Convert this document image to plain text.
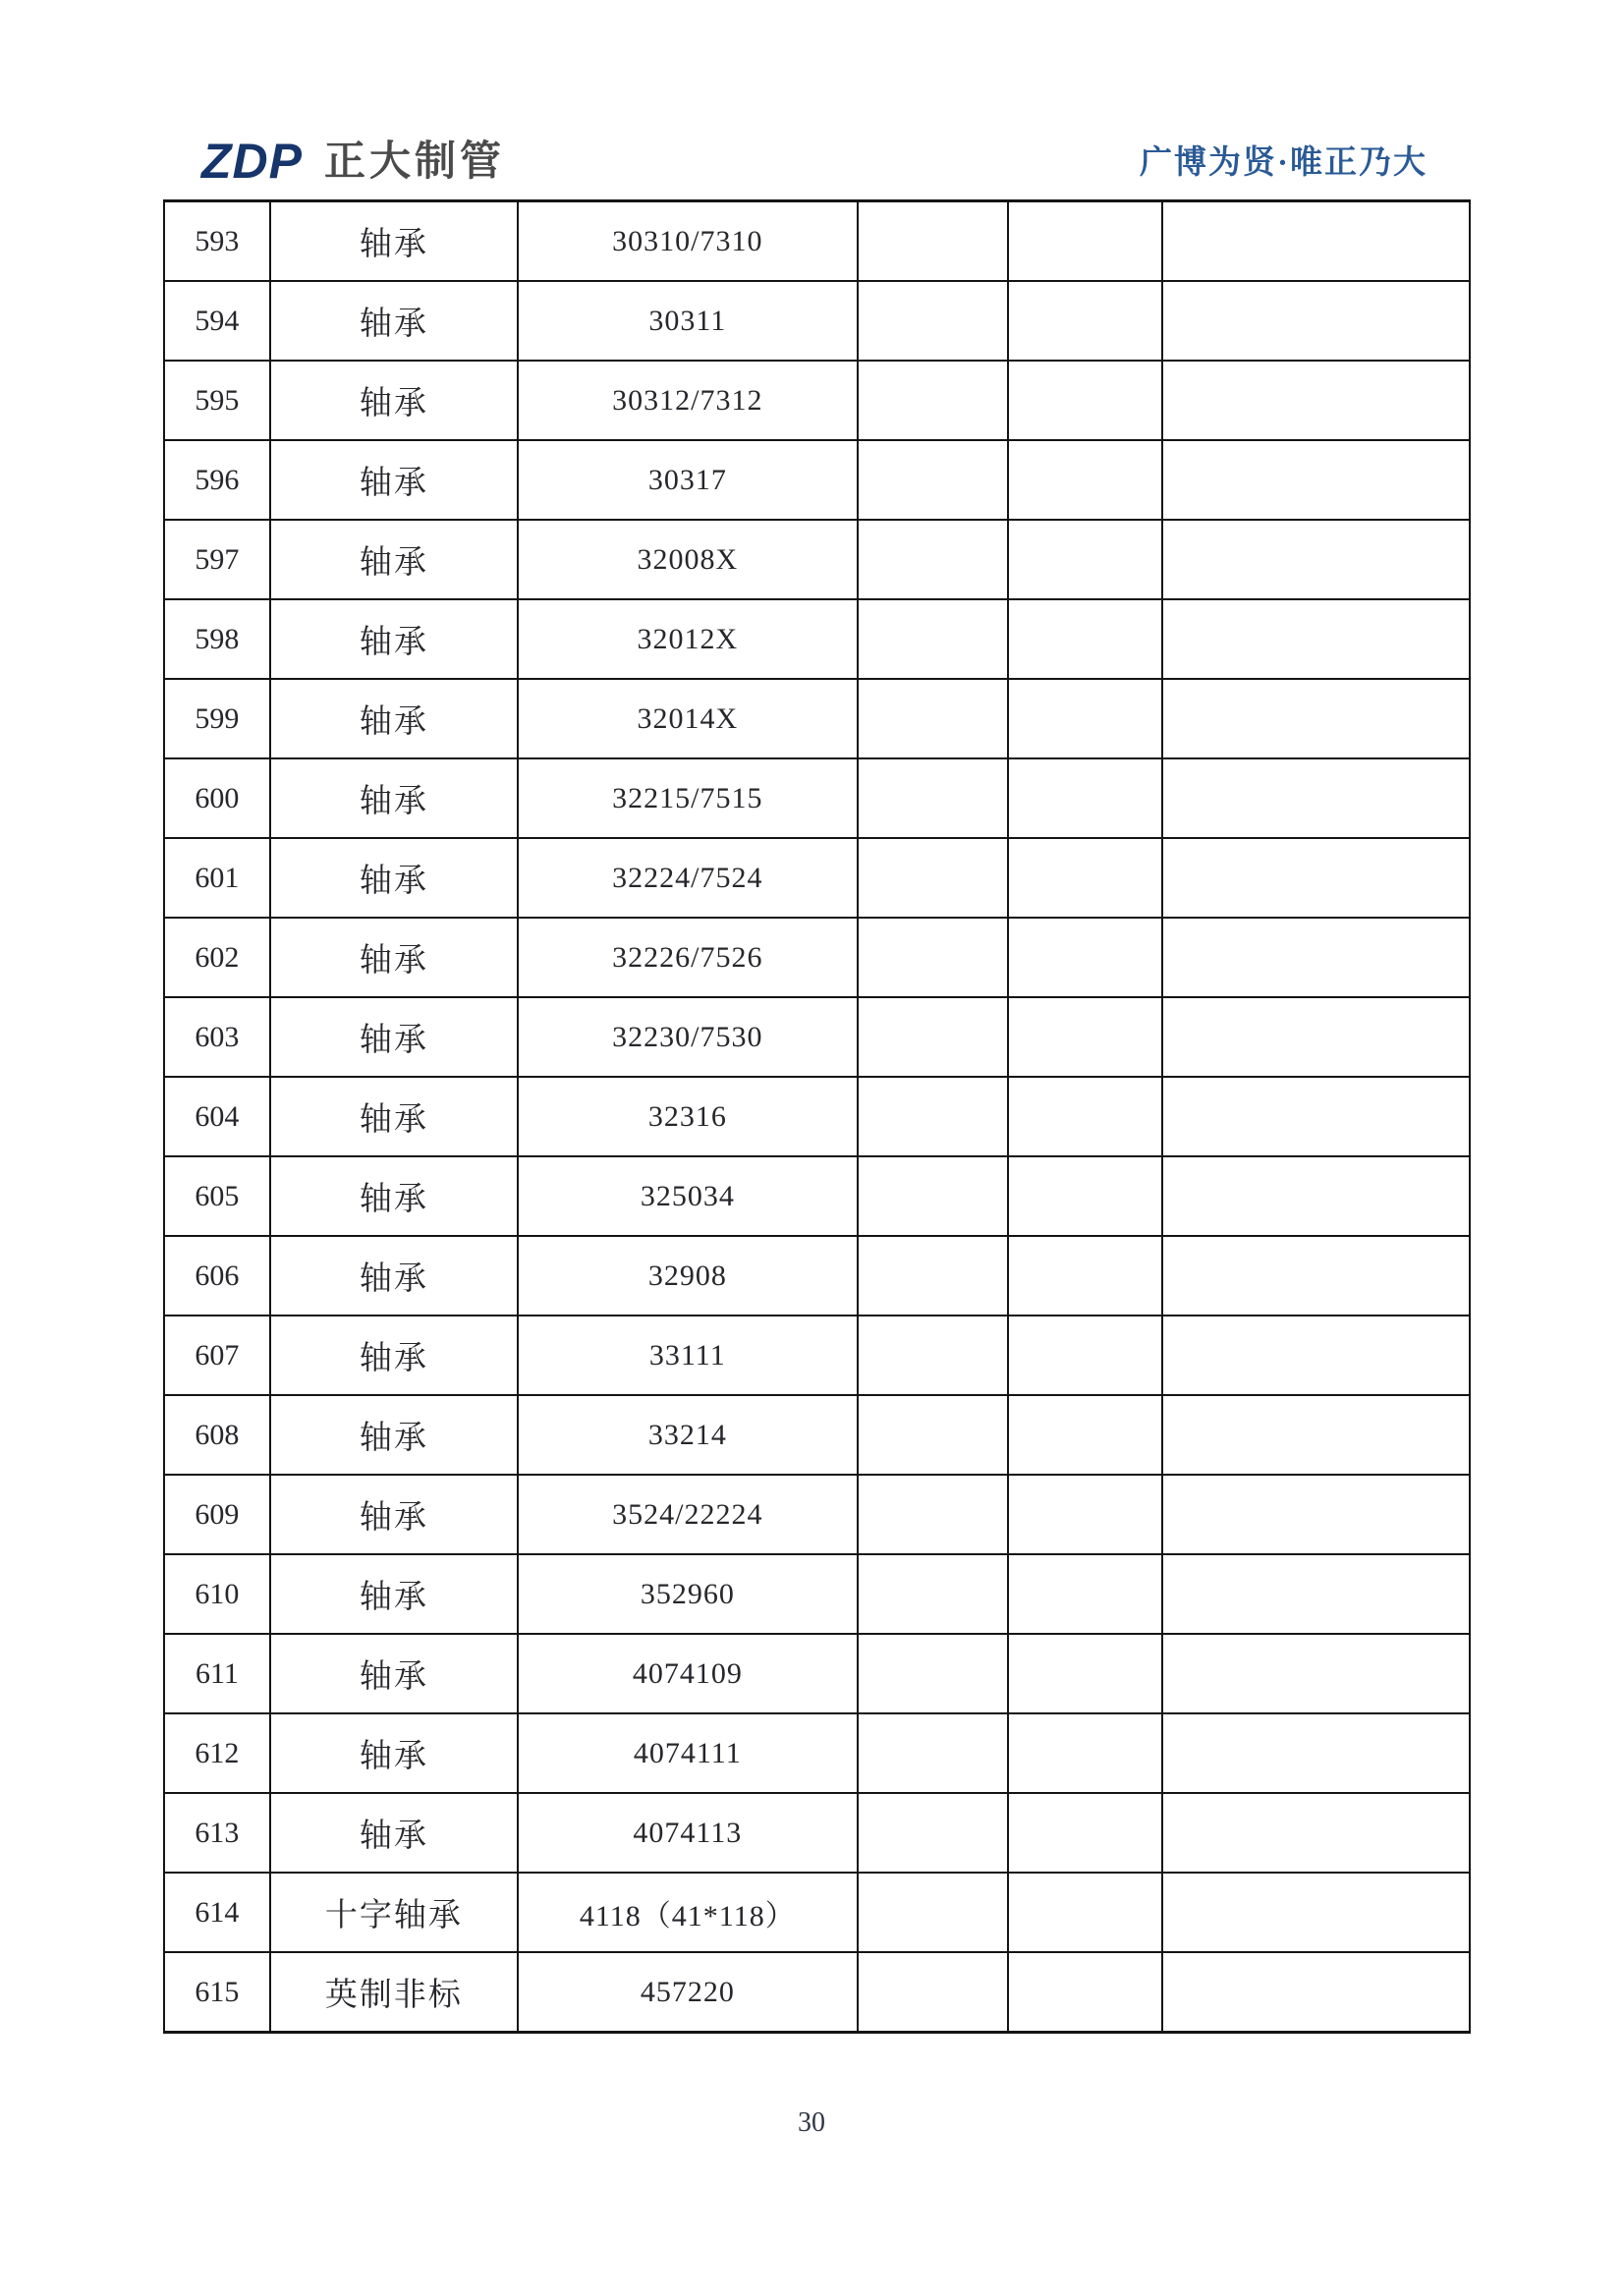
ZDP 正大制管	广博为贤·唯正乃大
593	轴承	30310/7310			
594	轴承	30311			
595	轴承	30312/7312			
596	轴承	30317			
597	轴承	32008X			
598	轴承	32012X			
599	轴承	32014X			
600	轴承	32215/7515			
601	轴承	32224/7524			
602	轴承	32226/7526			
603	轴承	32230/7530			
604	轴承	32316			
605	轴承	325034			
606	轴承	32908			
607	轴承	33111			
608	轴承	33214			
609	轴承	3524/22224			
610	轴承	352960			
611	轴承	4074109			
612	轴承	4074111			
613	轴承	4074113			
614	十字轴承	4118（41*118）			
615	英制非标	457220			
30
